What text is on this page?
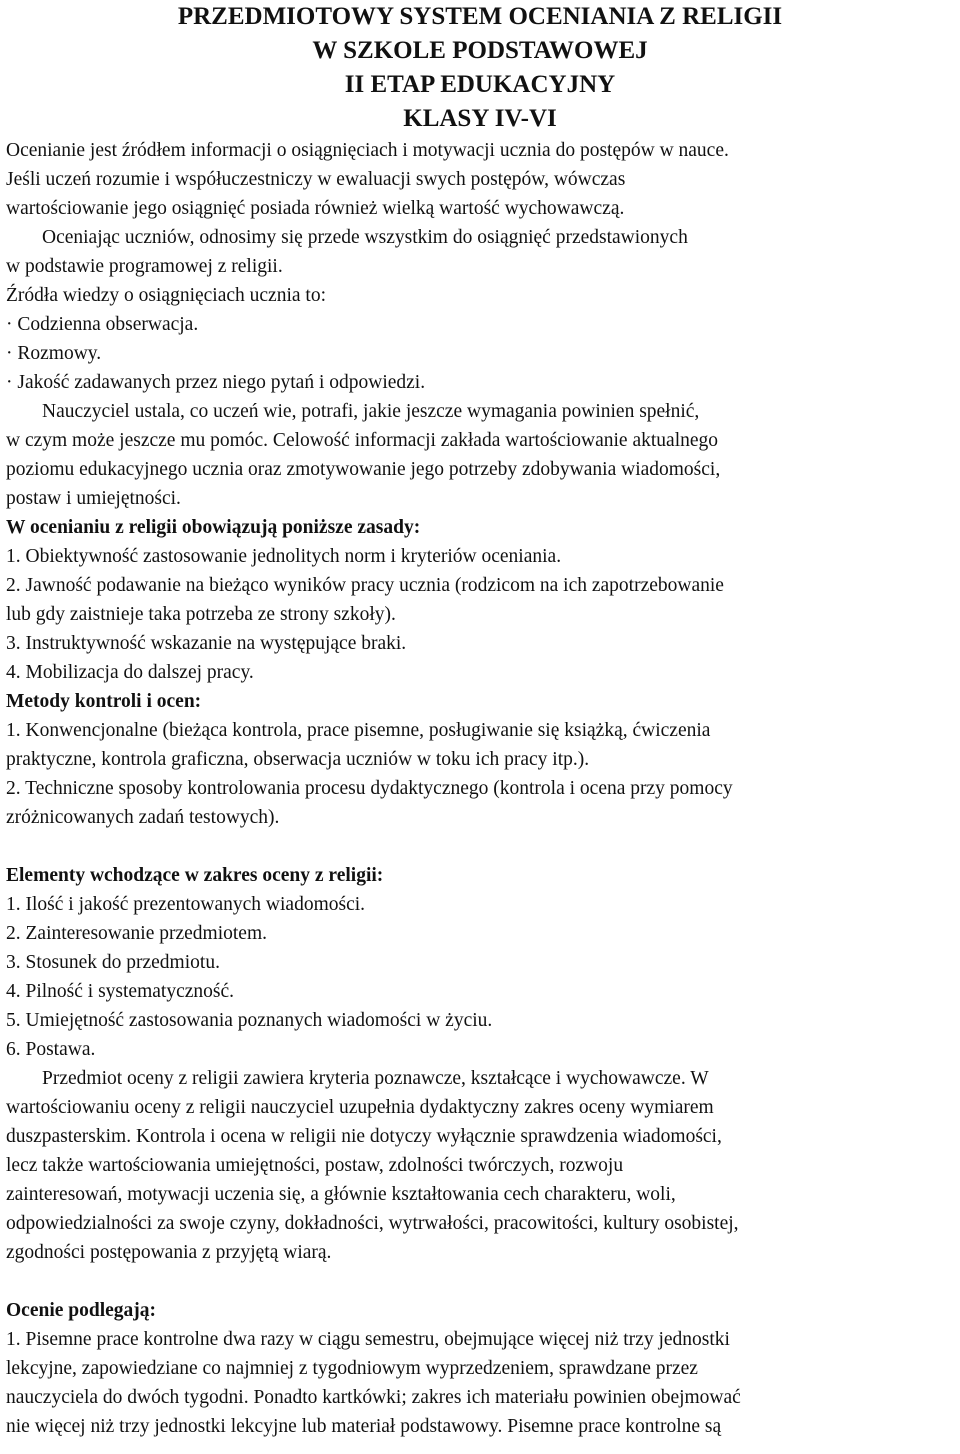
PRZEDMIOTOWY SYSTEM OCENIANIA Z RELIGII

W SZKOLE PODSTAWOWEJ

II ETAP EDUKACYJNY

KLASY IV-VI

Ocenianie jest źródłem informacji o osiągnięciach i motywacji ucznia do postępów w nauce.

Jeśli uczeń rozumie i współuczestniczy w ewaluacji swych postępów, wówczas

wartościowanie jego osiągnięć posiada również wielką wartość wychowawczą.

Oceniając uczniów, odnosimy się przede wszystkim do osiągnięć przedstawionych

w podstawie programowej z religii.

Źródła wiedzy o osiągnięciach ucznia to:

· Codzienna obserwacja.

· Rozmowy.

· Jakość zadawanych przez niego pytań i odpowiedzi.

Nauczyciel ustala, co uczeń wie, potrafi, jakie jeszcze wymagania powinien spełnić,

w czym może jeszcze mu pomóc. Celowość informacji zakłada wartościowanie aktualnego

poziomu edukacyjnego ucznia oraz zmotywowanie jego potrzeby zdobywania wiadomości,

postaw i umiejętności.

W ocenianiu z religii obowiązują poniższe zasady:

1. Obiektywność zastosowanie jednolitych norm i kryteriów oceniania.

2. Jawność podawanie na bieżąco wyników pracy ucznia (rodzicom na ich zapotrzebowanie

lub gdy zaistnieje taka potrzeba ze strony szkoły).

3. Instruktywność wskazanie na występujące braki.

4. Mobilizacja do dalszej pracy.

Metody kontroli i ocen:

1. Konwencjonalne (bieżąca kontrola, prace pisemne, posługiwanie się książką, ćwiczenia

praktyczne, kontrola graficzna, obserwacja uczniów w toku ich pracy itp.).

2. Techniczne sposoby kontrolowania procesu dydaktycznego (kontrola i ocena przy pomocy

zróżnicowanych zadań testowych).

Elementy wchodzące w zakres oceny z religii:

1. Ilość i jakość prezentowanych wiadomości.

2. Zainteresowanie przedmiotem.

3. Stosunek do przedmiotu.

4. Pilność i systematyczność.

5. Umiejętność zastosowania poznanych wiadomości w życiu.

6. Postawa.

Przedmiot oceny z religii zawiera kryteria poznawcze, kształcące i wychowawcze. W

wartościowaniu oceny z religii nauczyciel uzupełnia dydaktyczny zakres oceny wymiarem

duszpasterskim. Kontrola i ocena w religii nie dotyczy wyłącznie sprawdzenia wiadomości,

lecz także wartościowania umiejętności, postaw, zdolności twórczych, rozwoju

zainteresowań, motywacji uczenia się, a głównie kształtowania cech charakteru, woli,

odpowiedzialności za swoje czyny, dokładności, wytrwałości, pracowitości, kultury osobistej,

zgodności postępowania z przyjętą wiarą.

Ocenie podlegają:

1. Pisemne prace kontrolne dwa razy w ciągu semestru, obejmujące więcej niż trzy jednostki

lekcyjne, zapowiedziane co najmniej z tygodniowym wyprzedzeniem, sprawdzane przez

nauczyciela do dwóch tygodni. Ponadto kartkówki; zakres ich materiału powinien obejmować

nie więcej niż trzy jednostki lekcyjne lub materiał podstawowy. Pisemne prace kontrolne są
